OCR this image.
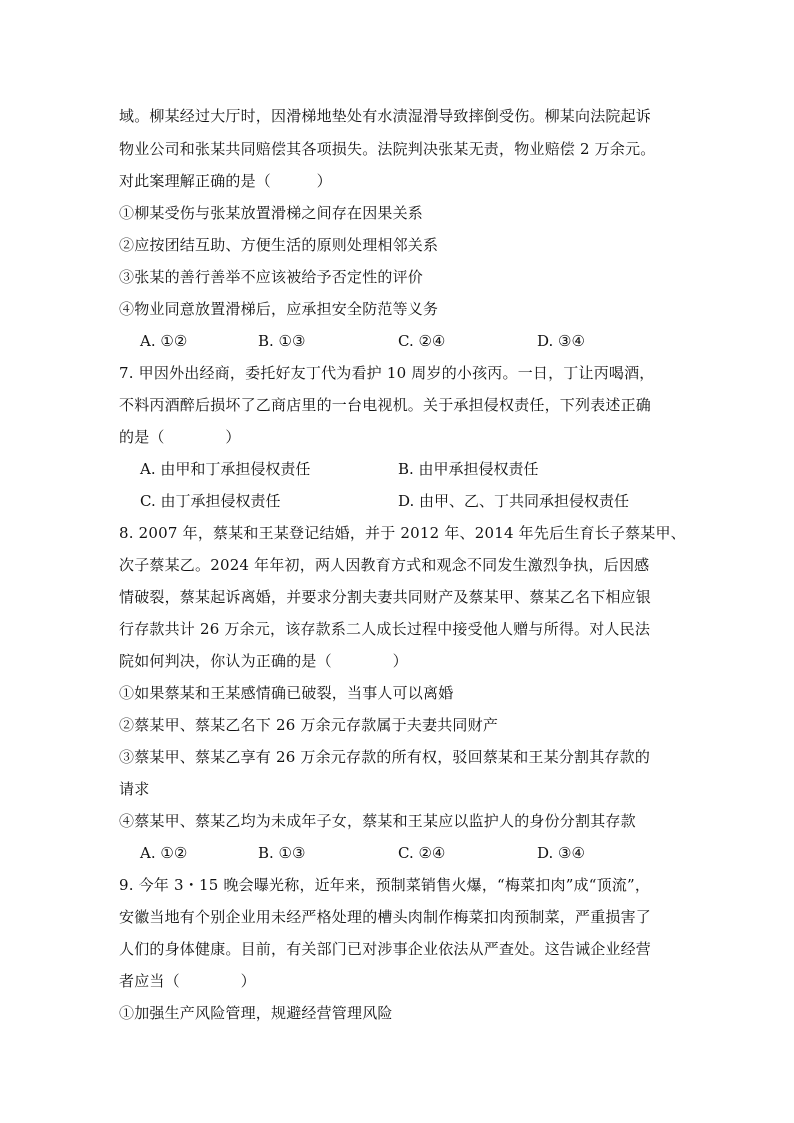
域。柳某经过大厅时，因滑梯地垫处有水渍湿滑导致摔倒受伤。柳某向法院起诉
物业公司和张某共同赔偿其各项损失。法院判决张某无责，物业赔偿 2 万余元。
对此案理解正确的是（　　　）
①柳某受伤与张某放置滑梯之间存在因果关系
②应按团结互助、方便生活的原则处理相邻关系
③张某的善行善举不应该被给予否定性的评价
④物业同意放置滑梯后，应承担安全防范等义务
A. ①②	B. ①③	C. ②④	D. ③④
7. 甲因外出经商，委托好友丁代为看护 10 周岁的小孩丙。一日，丁让丙喝酒，
不料丙酒醉后损坏了乙商店里的一台电视机。关于承担侵权责任，下列表述正确
的是（　　　　）
A. 由甲和丁承担侵权责任	B. 由甲承担侵权责任
C. 由丁承担侵权责任	D. 由甲、乙、丁共同承担侵权责任
8. 2007 年，蔡某和王某登记结婚，并于 2012 年、2014 年先后生育长子蔡某甲、
次子蔡某乙。2024 年年初，两人因教育方式和观念不同发生激烈争执，后因感
情破裂，蔡某起诉离婚，并要求分割夫妻共同财产及蔡某甲、蔡某乙名下相应银
行存款共计 26 万余元，该存款系二人成长过程中接受他人赠与所得。对人民法
院如何判决，你认为正确的是（　　　　）
①如果蔡某和王某感情确已破裂，当事人可以离婚
②蔡某甲、蔡某乙名下 26 万余元存款属于夫妻共同财产
③蔡某甲、蔡某乙享有 26 万余元存款的所有权，驳回蔡某和王某分割其存款的
请求
④蔡某甲、蔡某乙均为未成年子女，蔡某和王某应以监护人的身份分割其存款
A. ①②	B. ①③	C. ②④	D. ③④
9. 今年 3・15 晚会曝光称，近年来，预制菜销售火爆，“梅菜扣肉”成“顶流”，
安徽当地有个别企业用未经严格处理的槽头肉制作梅菜扣肉预制菜，严重损害了
人们的身体健康。目前，有关部门已对涉事企业依法从严查处。这告诫企业经营
者应当（　　　　）
①加强生产风险管理，规避经营管理风险
